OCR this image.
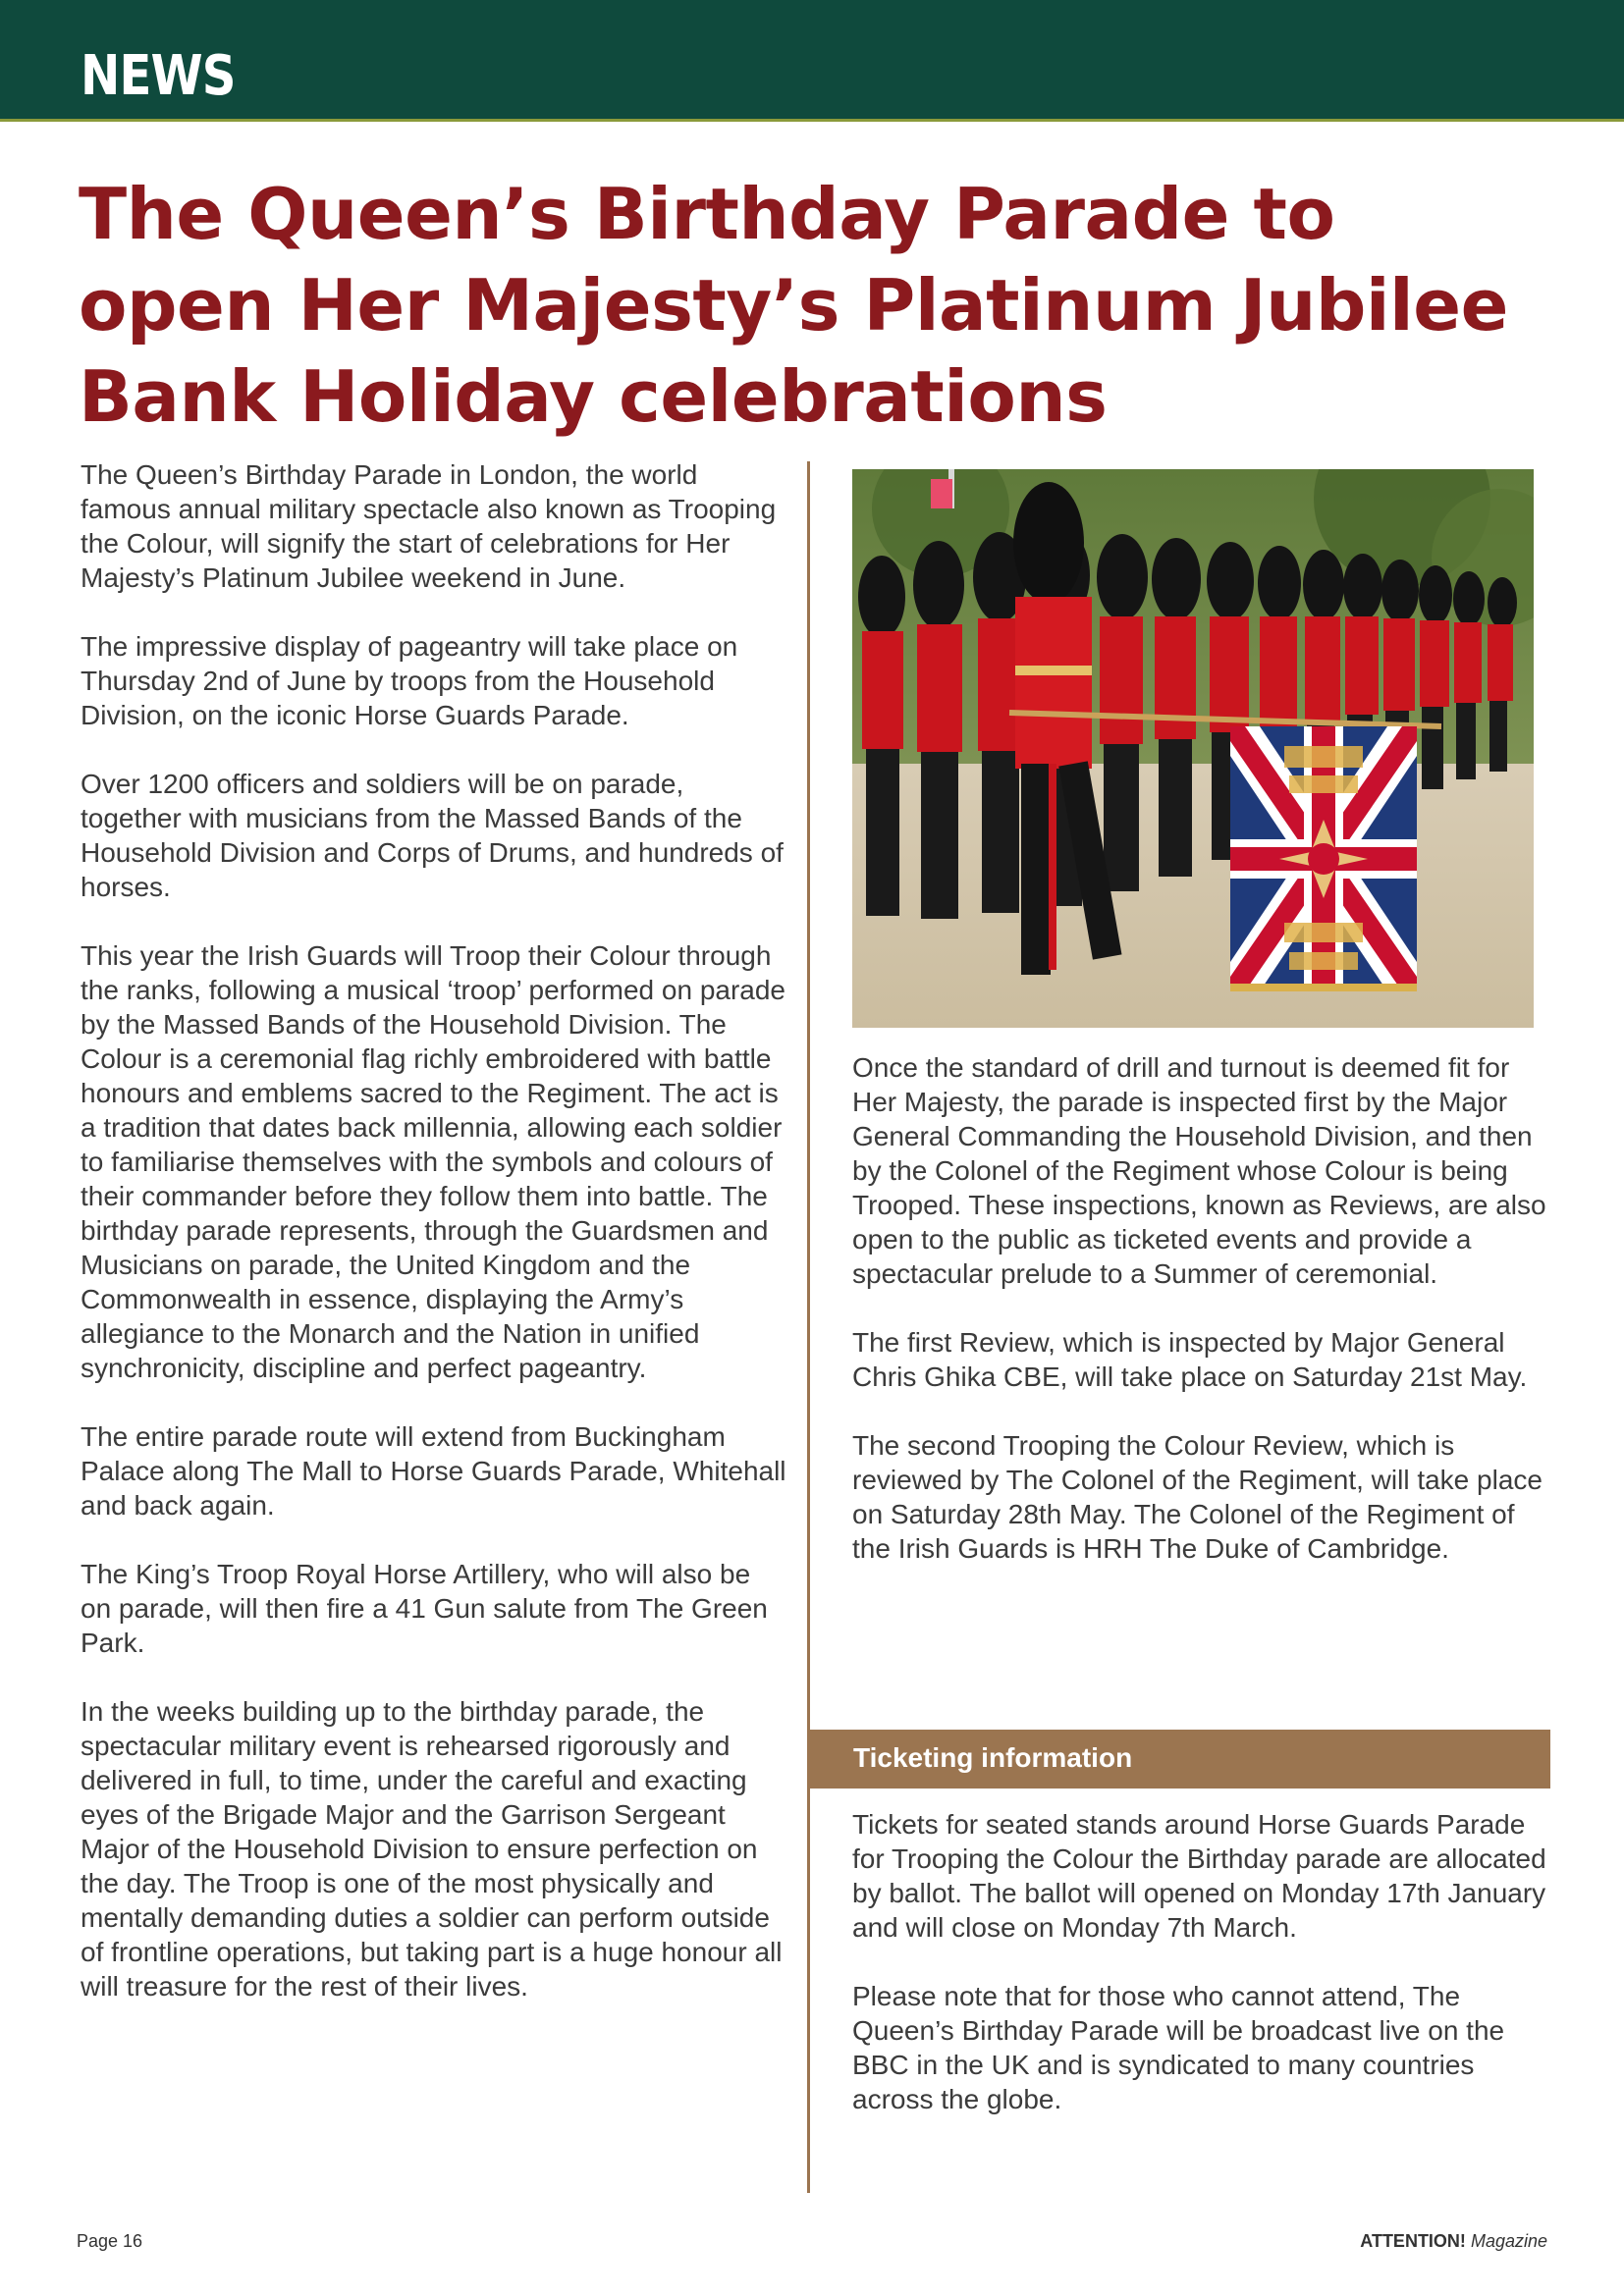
NEWS
The Queen’s Birthday Parade to open Her Majesty’s Platinum Jubilee Bank Holiday celebrations

The Queen’s Birthday Parade in London, the world famous annual military spectacle also known as Trooping the Colour, will signify the start of celebrations for Her Majesty’s Platinum Jubilee weekend in June.

The impressive display of pageantry will take place on Thursday 2nd of June by troops from the Household Division, on the iconic Horse Guards Parade.

Over 1200 officers and soldiers will be on parade, together with musicians from the Massed Bands of the Household Division and Corps of Drums, and hundreds of horses.

This year the Irish Guards will Troop their Colour through the ranks, following a musical ‘troop’ performed on parade by the Massed Bands of the Household Division. The Colour is a ceremonial flag richly embroidered with battle honours and emblems sacred to the Regiment. The act is a tradition that dates back millennia, allowing each soldier to familiarise themselves with the symbols and colours of their commander before they follow them into battle. The birthday parade represents, through the Guardsmen and Musicians on parade, the United Kingdom and the Commonwealth in essence, displaying the Army’s allegiance to the Monarch and the Nation in unified synchronicity, discipline and perfect pageantry.

The entire parade route will extend from Buckingham Palace along The Mall to Horse Guards Parade, Whitehall and back again.

The King’s Troop Royal Horse Artillery, who will also be on parade, will then fire a 41 Gun salute from The Green Park.

In the weeks building up to the birthday parade, the spectacular military event is rehearsed rigorously and delivered in full, to time, under the careful and exacting eyes of the Brigade Major and the Garrison Sergeant Major of the Household Division to ensure perfection on the day. The Troop is one of the most physically and mentally demanding duties a soldier can perform outside of frontline operations, but taking part is a huge honour all will treasure for the rest of their lives.

Once the standard of drill and turnout is deemed fit for Her Majesty, the parade is inspected first by the Major General Commanding the Household Division, and then by the Colonel of the Regiment whose Colour is being Trooped. These inspections, known as Reviews, are also open to the public as ticketed events and provide a spectacular prelude to a Summer of ceremonial.

The first Review, which is inspected by Major General Chris Ghika CBE, will take place on Saturday 21st May.

The second Trooping the Colour Review, which is reviewed by The Colonel of the Regiment, will take place on Saturday 28th May. The Colonel of the Regiment of the Irish Guards is HRH The Duke of Cambridge.

Ticketing information

Tickets for seated stands around Horse Guards Parade for Trooping the Colour the Birthday parade are allocated by ballot. The ballot will opened on Monday 17th January and will close on Monday 7th March.

Please note that for those who cannot attend, The Queen’s Birthday Parade will be broadcast live on the BBC in the UK and is syndicated to many countries across the globe.

Page 16	ATTENTION! Magazine
